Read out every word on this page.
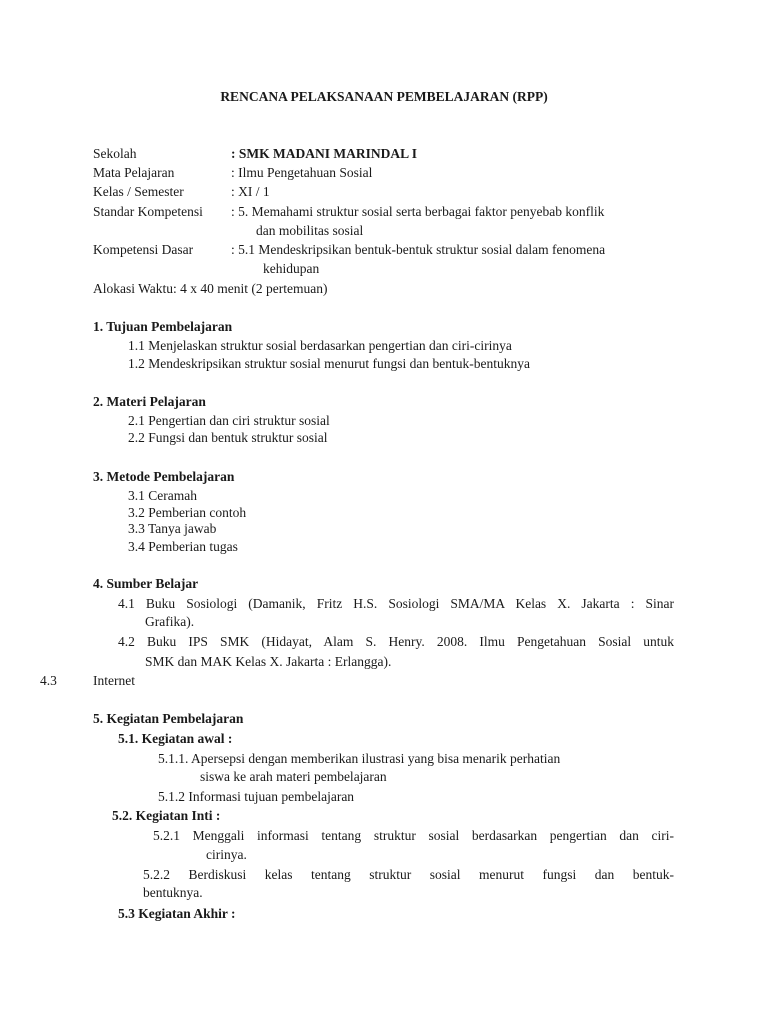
RENCANA PELAKSANAAN PEMBELAJARAN (RPP)
Sekolah	: SMK MADANI MARINDAL I
Mata Pelajaran	: Ilmu Pengetahuan Sosial
Kelas / Semester	: XI / 1
Standar Kompetensi : 5. Memahami struktur sosial serta berbagai faktor penyebab konflik
dan mobilitas sosial
Kompetensi Dasar	: 5.1 Mendeskripsikan bentuk-bentuk struktur sosial dalam fenomena
kehidupan
Alokasi Waktu: 4 x 40 menit (2 pertemuan)
1. Tujuan Pembelajaran
1.1 Menjelaskan struktur sosial berdasarkan pengertian dan ciri-cirinya
1.2 Mendeskripsikan struktur sosial menurut fungsi dan bentuk-bentuknya
2. Materi Pelajaran
2.1 Pengertian dan ciri struktur sosial
2.2 Fungsi dan bentuk struktur sosial
3. Metode Pembelajaran
3.1 Ceramah
3.2 Pemberian contoh
3.3 Tanya jawab
3.4 Pemberian tugas
4. Sumber Belajar
4.1 Buku Sosiologi (Damanik, Fritz H.S. Sosiologi SMA/MA Kelas X. Jakarta : Sinar
Grafika).
4.2 Buku IPS SMK (Hidayat, Alam S. Henry. 2008. Ilmu Pengetahuan Sosial untuk
SMK dan MAK Kelas X. Jakarta : Erlangga).
4.3	Internet
5. Kegiatan Pembelajaran
5.1. Kegiatan awal :
5.1.1. Apersepsi dengan memberikan ilustrasi yang bisa menarik perhatian
siswa ke arah materi pembelajaran
5.1.2 Informasi tujuan pembelajaran
5.2. Kegiatan Inti :
5.2.1 Menggali informasi tentang struktur sosial berdasarkan pengertian dan ciri-
cirinya.
5.2.2 Berdiskusi kelas tentang struktur sosial menurut fungsi dan bentuk-
bentuknya.
5.3 Kegiatan Akhir :
